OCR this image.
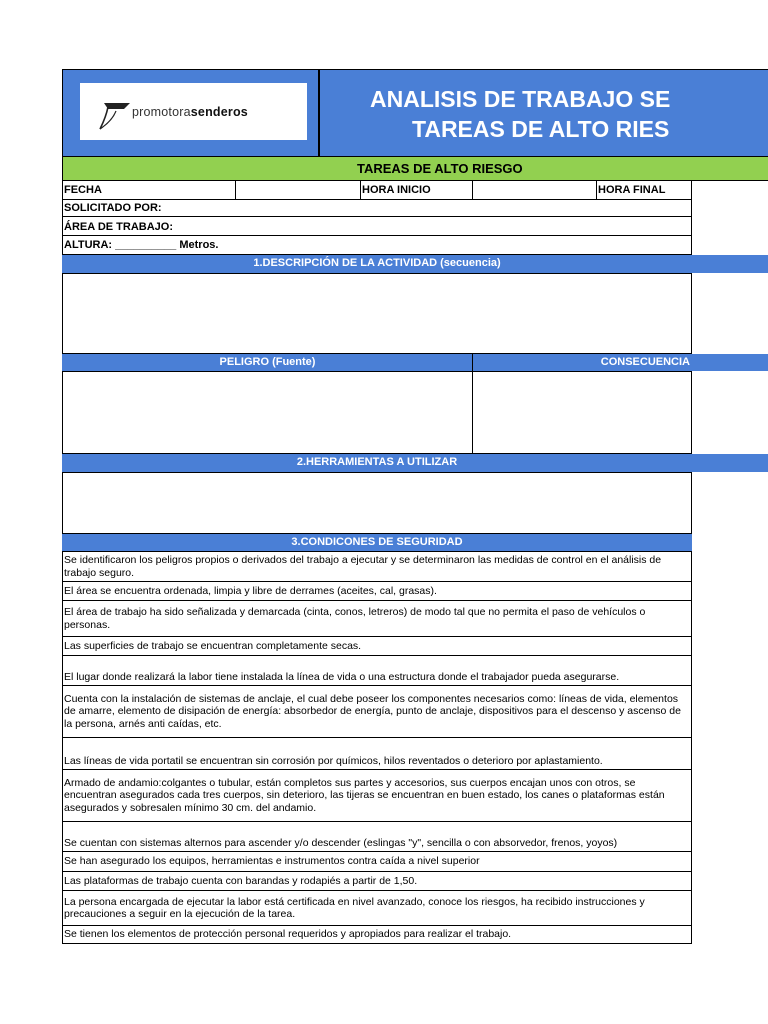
promotorasenderos	ANALISIS DE TRABAJO SE
TAREAS DE ALTO RIES
TAREAS DE ALTO RIESGO
FECHA	HORA INICIO	HORA FINAL
SOLICITADO POR:
ÁREA DE TRABAJO:
ALTURA: __________ Metros.
1.DESCRIPCIÓN DE LA ACTIVIDAD (secuencia)
PELIGRO (Fuente)	CONSECUENCIA
2.HERRAMIENTAS A UTILIZAR
3.CONDICONES DE SEGURIDAD
Se identificaron los peligros propios o derivados del trabajo a ejecutar y se determinaron las medidas de control en el análisis de trabajo seguro.
El área se encuentra ordenada, limpia y libre de derrames (aceites, cal, grasas).
El área de trabajo ha sido señalizada y demarcada (cinta, conos, letreros) de modo tal que no permita el paso de vehículos o personas.
Las superficies de trabajo se encuentran completamente secas.
El lugar donde realizará la labor tiene instalada la línea de vida o una estructura donde el trabajador pueda asegurarse.
Cuenta con la instalación de sistemas de anclaje, el cual debe poseer los componentes necesarios como: líneas de vida, elementos de amarre, elemento de disipación de energía: absorbedor de energía, punto de anclaje, dispositivos para el descenso y ascenso de la persona, arnés anti caídas, etc.
Las líneas de vida portatil se encuentran sin corrosión por químicos, hilos reventados o deterioro por aplastamiento.
Armado de andamio:colgantes o tubular, están completos sus partes y accesorios, sus cuerpos encajan unos con otros, se encuentran asegurados cada tres cuerpos, sin deterioro, las tijeras se encuentran en buen estado, los canes o plataformas están asegurados y sobresalen mínimo 30 cm. del andamio.
Se cuentan con sistemas alternos para ascender y/o descender (eslingas "y", sencilla o con absorvedor, frenos, yoyos)
Se han asegurado los equipos, herramientas e instrumentos contra caída a nivel superior
Las plataformas de trabajo cuenta con barandas y rodapiés a partir de 1,50.
La persona encargada de ejecutar la labor está certificada en nivel avanzado, conoce los riesgos, ha recibido instrucciones y precauciones a seguir en la ejecución de la tarea.
Se tienen los elementos de protección personal requeridos y apropiados para realizar el trabajo.
